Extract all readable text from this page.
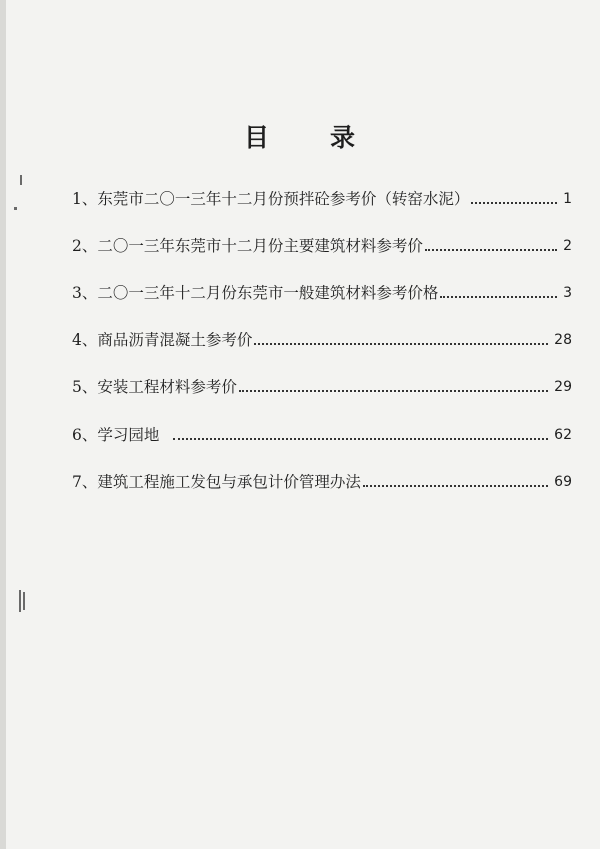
目 录
1、 东莞市二〇一三年十二月份预拌砼参考价（转窑水泥）	1
2、 二〇一三年东莞市十二月份主要建筑材料参考价	2
3、 二〇一三年十二月份东莞市一般建筑材料参考价格	3
4、 商品沥青混凝土参考价	28
5、 安装工程材料参考价	29
6、 学习园地	62
7、 建筑工程施工发包与承包计价管理办法	69
